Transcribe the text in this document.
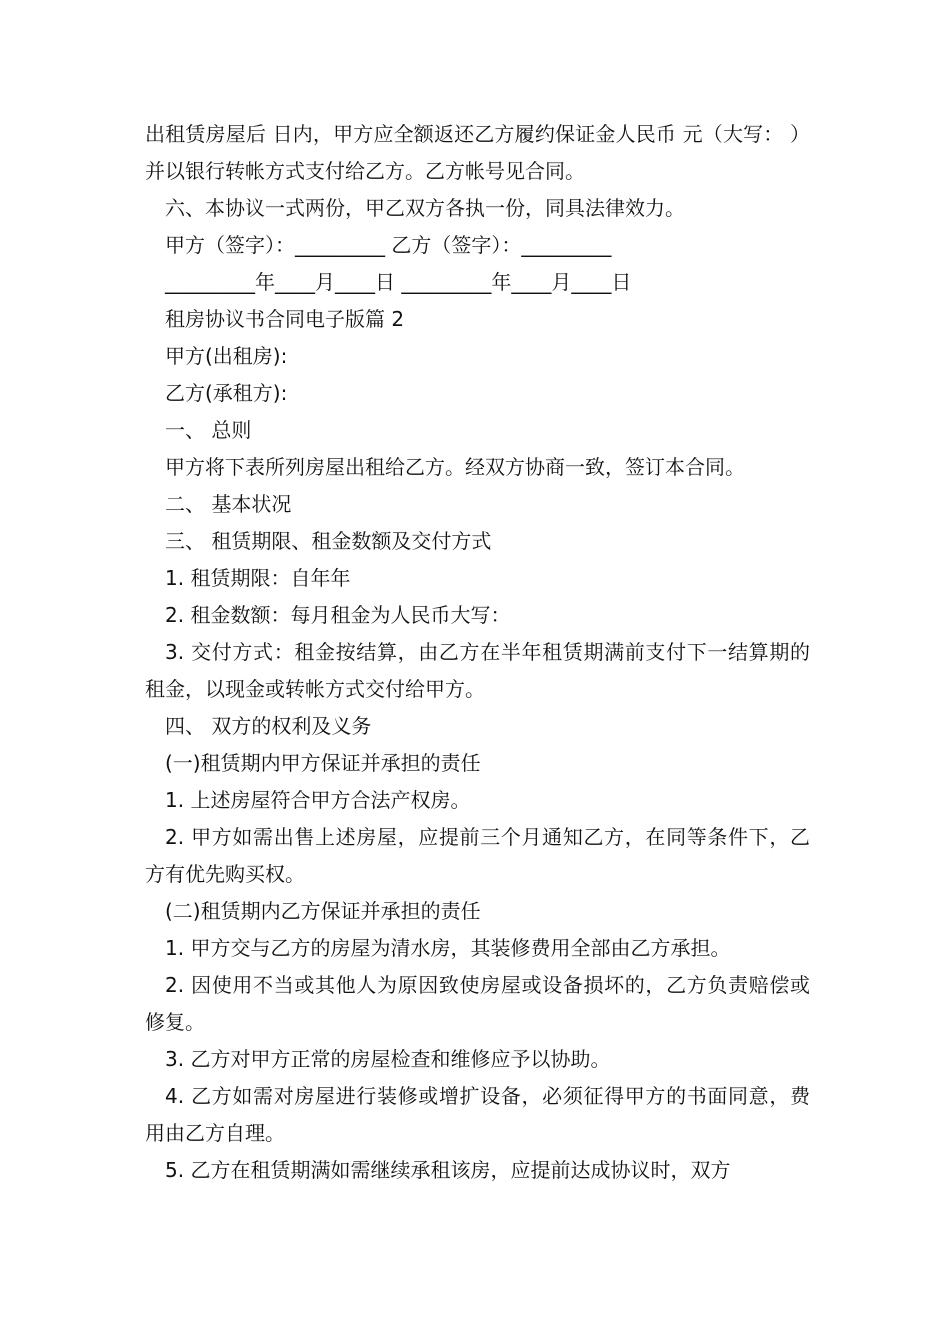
出租赁房屋后 日内，甲方应全额返还乙方履约保证金人民币 元（大写： ）并以银行转帐方式支付给乙方。乙方帐号见合同。

六、本协议一式两份，甲乙双方各执一份，同具法律效力。

甲方（签字）：_________ 乙方（签字）：_________

_________年____月____日 _________年____月____日

租房协议书合同电子版篇 2

甲方(出租房):

乙方(承租方):

一、 总则

甲方将下表所列房屋出租给乙方。经双方协商一致，签订本合同。

二、 基本状况

三、 租赁期限、租金数额及交付方式

1. 租赁期限：自年年

2. 租金数额：每月租金为人民币大写：

3. 交付方式：租金按结算，由乙方在半年租赁期满前支付下一结算期的租金，以现金或转帐方式交付给甲方。

四、 双方的权利及义务

(一)租赁期内甲方保证并承担的责任

1. 上述房屋符合甲方合法产权房。

2. 甲方如需出售上述房屋，应提前三个月通知乙方，在同等条件下，乙方有优先购买权。

(二)租赁期内乙方保证并承担的责任

1. 甲方交与乙方的房屋为清水房，其装修费用全部由乙方承担。

2. 因使用不当或其他人为原因致使房屋或设备损坏的，乙方负责赔偿或修复。

3. 乙方对甲方正常的房屋检查和维修应予以协助。

4. 乙方如需对房屋进行装修或增扩设备，必须征得甲方的书面同意，费用由乙方自理。

5. 乙方在租赁期满如需继续承租该房，应提前达成协议时，双方
